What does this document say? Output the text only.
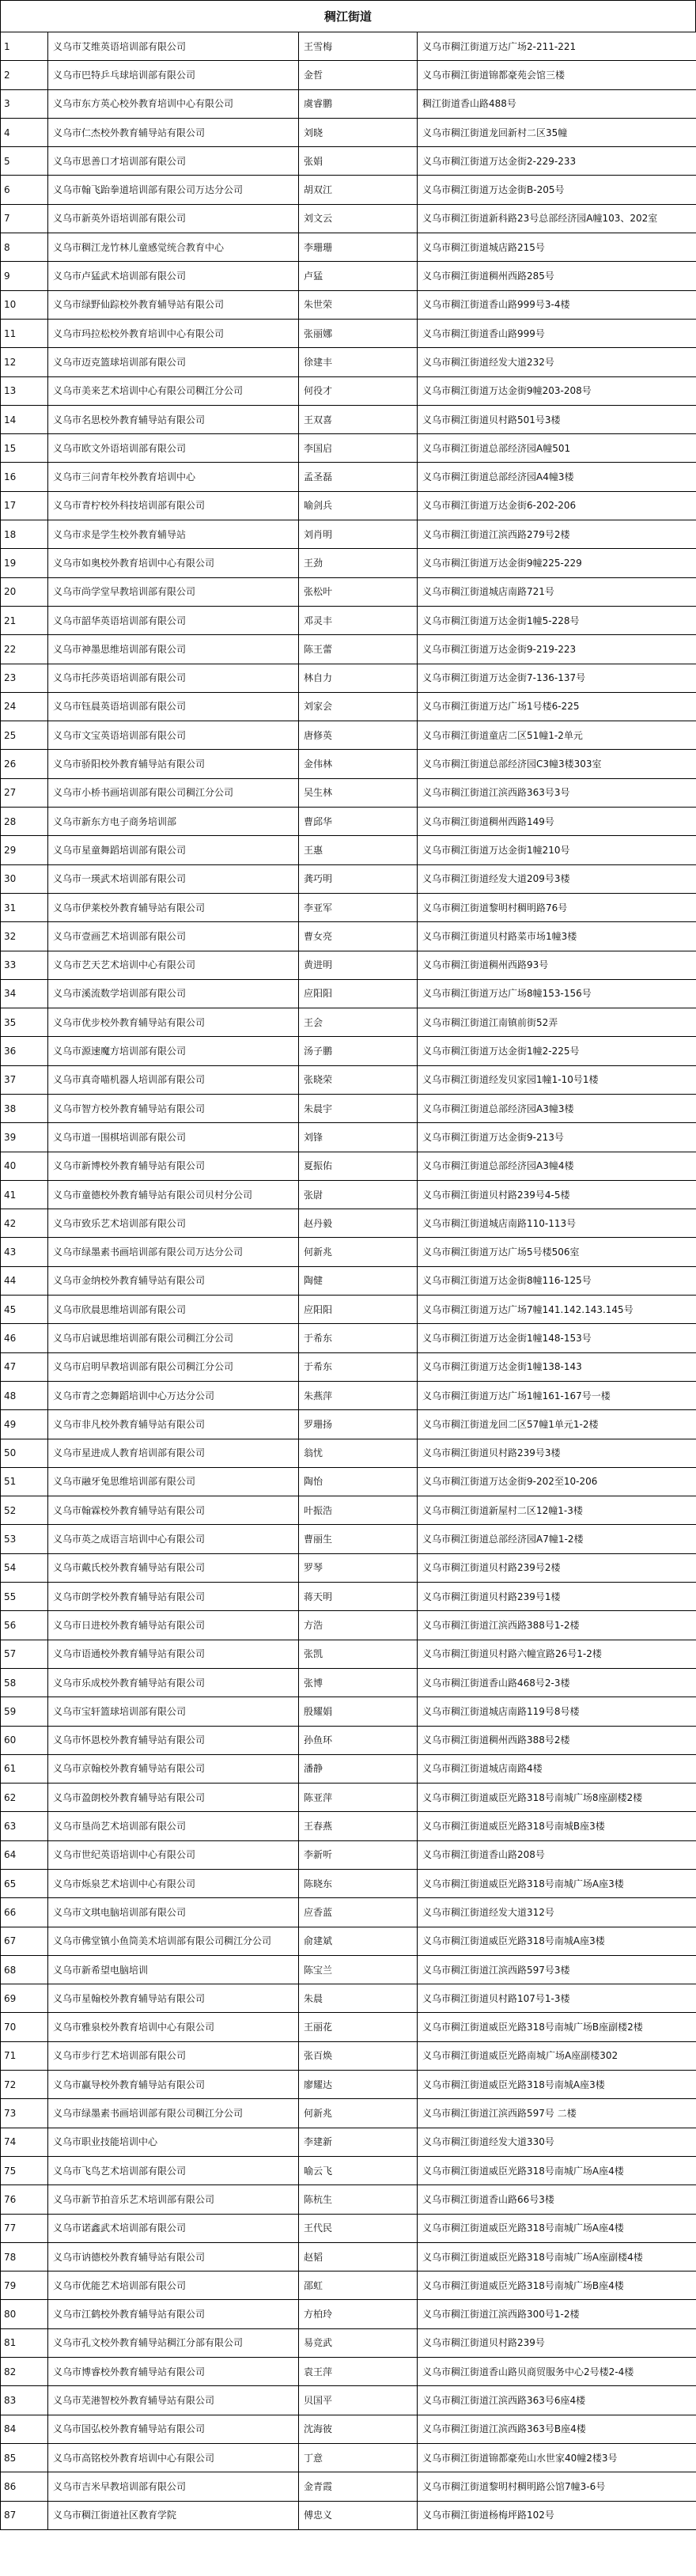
稠江街道
1	义乌市艾维英语培训部有限公司	王雪梅	义乌市稠江街道万达广场2-211-221
2	义乌市巴特乒乓球培训部有限公司	金哲	义乌市稠江街道锦都豪苑会馆三楼
3	义乌市东方英心校外教育培训中心有限公司	虞睿鹏	稠江街道香山路488号
4	义乌市仁杰校外教育辅导站有限公司	刘晓	义乌市稠江街道龙回新村二区35幢
5	义乌市思善口才培训部有限公司	张娟	义乌市稠江街道万达金街2-229-233
6	义乌市翰飞跆拳道培训部有限公司万达分公司	胡双江	义乌市稠江街道万达金街B-205号
7	义乌市新英外语培训部有限公司	刘文云	义乌市稠江街道新科路23号总部经济园A幢103、202室
8	义乌市稠江龙竹林儿童感觉统合教育中心	李珊珊	义乌市稠江街道城店路215号
9	义乌市卢猛武术培训部有限公司	卢猛	义乌市稠江街道稠州西路285号
10	义乌市绿野仙踪校外教育辅导站有限公司	朱世荣	义乌市稠江街道香山路999号3-4楼
11	义乌市玛拉松校外教育培训中心有限公司	张丽娜	义乌市稠江街道香山路999号
12	义乌市迈克篮球培训部有限公司	徐建丰	义乌市稠江街道经发大道232号
13	义乌市美来艺术培训中心有限公司稠江分公司	何役才	义乌市稠江街道万达金街9幢203-208号
14	义乌市名思校外教育辅导站有限公司	王双喜	义乌市稠江街道贝村路501号3楼
15	义乌市欧文外语培训部有限公司	李国启	义乌市稠江街道总部经济园A幢501
16	义乌市三问青年校外教育培训中心	孟圣磊	义乌市稠江街道总部经济园A4幢3楼
17	义乌市青柠校外科技培训部有限公司	喻剑兵	义乌市稠江街道万达金街6-202-206
18	义乌市求是学生校外教育辅导站	刘肖明	义乌市稠江街道江滨西路279号2楼
19	义乌市如奥校外教育培训中心有限公司	王劲	义乌市稠江街道万达金街9幢225-229
20	义乌市尚学堂早教培训部有限公司	张松叶	义乌市稠江街道城店南路721号
21	义乌市韶华英语培训部有限公司	邓灵丰	义乌市稠江街道万达金街1幢5-228号
22	义乌市神墨思维培训部有限公司	陈王蕾	义乌市稠江街道万达金街9-219-223
23	义乌市托莎英语培训部有限公司	林自力	义乌市稠江街道万达金街7-136-137号
24	义乌市钰晨英语培训部有限公司	刘家会	义乌市稠江街道万达广场1号楼6-225
25	义乌市文宝英语培训部有限公司	唐修英	义乌市稠江街道童店二区51幢1-2单元
26	义乌市骄阳校外教育辅导站有限公司	金伟林	义乌市稠江街道总部经济园C3幢3楼303室
27	义乌市小桥书画培训部有限公司稠江分公司	吴生林	义乌市稠江街道江滨西路363号3号
28	义乌市新东方电子商务培训部	曹邱华	义乌市稠江街道稠州西路149号
29	义乌市星童舞蹈培训部有限公司	王惠	义乌市稠江街道万达金街1幢210号
30	义乌市一瑛武术培训部有限公司	龚巧明	义乌市稠江街道经发大道209号3楼
31	义乌市伊莱校外教育辅导站有限公司	李亚军	义乌市稠江街道黎明村稠明路76号
32	义乌市壹画艺术培训部有限公司	曹女亮	义乌市稠江街道贝村路菜市场1幢3楼
33	义乌市艺天艺术培训中心有限公司	黄进明	义乌市稠江街道稠州西路93号
34	义乌市溪流数学培训部有限公司	应阳阳	义乌市稠江街道万达广场8幢153-156号
35	义乌市优步校外教育辅导站有限公司	王会	义乌市稠江街道江南镇前街52弄
36	义乌市源速魔方培训部有限公司	汤子鹏	义乌市稠江街道万达金街1幢2-225号
37	义乌市真奇喵机器人培训部有限公司	张晓荣	义乌市稠江街道经发贝家园1幢1-10号1楼
38	义乌市智方校外教育辅导站有限公司	朱晨宇	义乌市稠江街道总部经济园A3幢3楼
39	义乌市道一围棋培训部有限公司	刘锋	义乌市稠江街道万达金街9-213号
40	义乌市新博校外教育辅导站有限公司	夏振佑	义乌市稠江街道总部经济园A3幢4楼
41	义乌市童德校外教育辅导站有限公司贝村分公司	张尉	义乌市稠江街道贝村路239号4-5楼
42	义乌市致乐艺术培训部有限公司	赵丹毅	义乌市稠江街道城店南路110-113号
43	义乌市绿墨素书画培训部有限公司万达分公司	何新兆	义乌市稠江街道万达广场5号楼506室
44	义乌市金纳校外教育辅导站有限公司	陶健	义乌市稠江街道万达金街8幢116-125号
45	义乌市欣晨思维培训部有限公司	应阳阳	义乌市稠江街道万达广场7幢141.142.143.145号
46	义乌市启诚思维培训部有限公司稠江分公司	于希东	义乌市稠江街道万达金街1幢148-153号
47	义乌市启明早教培训部有限公司稠江分公司	于希东	义乌市稠江街道万达金街1幢138-143
48	义乌市青之恋舞蹈培训中心万达分公司	朱燕萍	义乌市稠江街道万达广场1幢161-167号一楼
49	义乌市非凡校外教育辅导站有限公司	罗珊扬	义乌市稠江街道龙回二区57幢1单元1-2楼
50	义乌市星进成人教育培训部有限公司	翁忧	义乌市稠江街道贝村路239号3楼
51	义乌市融牙兔思维培训部有限公司	陶怡	义乌市稠江街道万达金街9-202至10-206
52	义乌市翰霖校外教育辅导站有限公司	叶振浩	义乌市稠江街道新屋村二区12幢1-3楼
53	义乌市英之成语言培训中心有限公司	曹丽生	义乌市稠江街道总部经济园A7幢1-2楼
54	义乌市戴氏校外教育辅导站有限公司	罗琴	义乌市稠江街道贝村路239号2楼
55	义乌市朗学校外教育辅导站有限公司	蒋天明	义乌市稠江街道贝村路239号1楼
56	义乌市日进校外教育辅导站有限公司	方浩	义乌市稠江街道江滨西路388号1-2楼
57	义乌市语通校外教育辅导站有限公司	张凯	义乌市稠江街道贝村路六幢宣路26号1-2楼
58	义乌市乐成校外教育辅导站有限公司	张博	义乌市稠江街道香山路468号2-3楼
59	义乌市宝轩篮球培训部有限公司	殷耀娟	义乌市稠江街道城店南路119号8号楼
60	义乌市怀恩校外教育辅导站有限公司	孙鱼环	义乌市稠江街道稠州西路388号2楼
61	义乌市京翰校外教育辅导站有限公司	潘静	义乌市稠江街道城店南路4楼
62	义乌市盈朗校外教育辅导站有限公司	陈亚萍	义乌市稠江街道威臣光路318号南城广场8座副楼2楼
63	义乌市垦尚艺术培训部有限公司	王春燕	义乌市稠江街道威臣光路318号南城B座3楼
64	义乌市世纪英语培训中心有限公司	李新听	义乌市稠江街道香山路208号
65	义乌市烁泉艺术培训中心有限公司	陈晓东	义乌市稠江街道威臣光路318号南城广场A座3楼
66	义乌市文琪电脑培训部有限公司	应香蓝	义乌市稠江街道经发大道312号
67	义乌市佛堂镇小鱼筒美术培训部有限公司稠江分公司	俞建斌	义乌市稠江街道威臣光路318号南城A座3楼
68	义乌市新希望电脑培训	陈宝兰	义乌市稠江街道江滨西路597号3楼
69	义乌市星翰校外教育辅导站有限公司	朱晨	义乌市稠江街道贝村路107号1-3楼
70	义乌市雅泉校外教育培训中心有限公司	王丽花	义乌市稠江街道威臣光路318号南城广场B座副楼2楼
71	义乌市步行艺术培训部有限公司	张百焕	义乌市稠江街道威臣光路南城广场A座副楼302
72	义乌市赢导校外教育辅导站有限公司	廖耀达	义乌市稠江街道威臣光路318号南城A座3楼
73	义乌市绿墨素书画培训部有限公司稠江分公司	何新兆	义乌市稠江街道江滨西路597号 二楼
74	义乌市职业技能培训中心	李建新	义乌市稠江街道经发大道330号
75	义乌市飞鸟艺术培训部有限公司	喻云飞	义乌市稠江街道威臣光路318号南城广场A座4楼
76	义乌市新节拍音乐艺术培训部有限公司	陈杭生	义乌市稠江街道香山路66号3楼
77	义乌市诺鑫武术培训部有限公司	王代民	义乌市稠江街道威臣光路318号南城广场A座4楼
78	义乌市讷德校外教育辅导站有限公司	赵韬	义乌市稠江街道威臣光路318号南城广场A座副楼4楼
79	义乌市优能艺术培训部有限公司	邵虹	义乌市稠江街道威臣光路318号南城广场B座4楼
80	义乌市江鹤校外教育辅导站有限公司	方柏玲	义乌市稠江街道江滨西路300号1-2楼
81	义乌市孔文校外教育辅导站稠江分部有限公司	易竞武	义乌市稠江街道贝村路239号
82	义乌市博睿校外教育辅导站有限公司	袁王萍	义乌市稠江街道香山路贝商贸服务中心2号楼2-4楼
83	义乌市芜港智校外教育辅导站有限公司	贝国平	义乌市稠江街道江滨西路363号6座4楼
84	义乌市国弘校外教育辅导站有限公司	沈海彼	义乌市稠江街道江滨西路363号B座4楼
85	义乌市高铭校外教育培训中心有限公司	丁意	义乌市稠江街道锦都豪苑山水世家40幢2楼3号
86	义乌市吉米早教培训部有限公司	金青霞	义乌市稠江街道黎明村稠明路公馆7幢3-6号
87	义乌市稠江街道社区教育学院	傅忠义	义乌市稠江街道杨梅坪路102号
